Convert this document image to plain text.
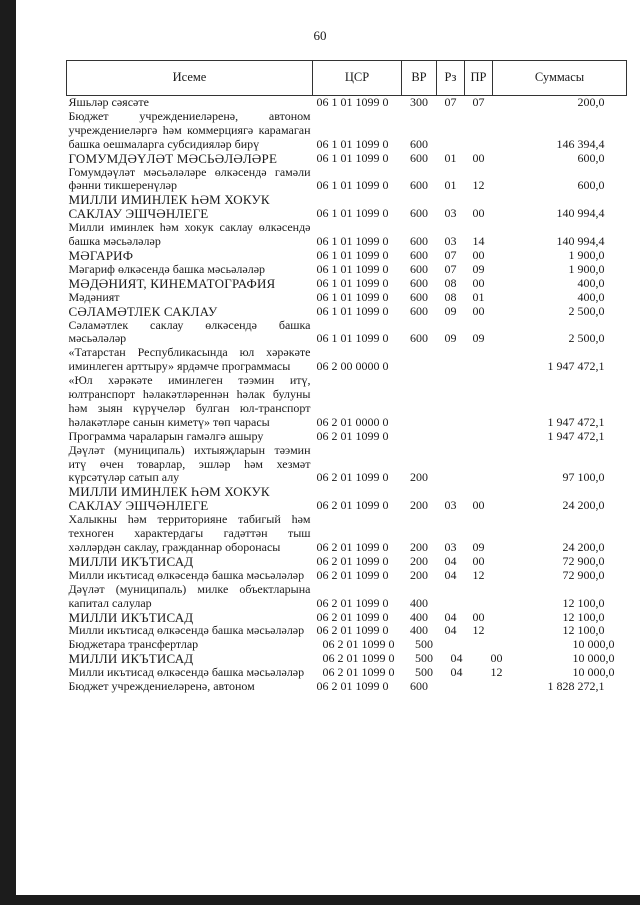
60
Исеме	ЦСР	ВР	Рз	ПР	Суммасы
Яшьләр сәясәте	06 1 01 1099 0	300	07	07	200,0
Бюджет учреждениеләренә, автоном учреждениеләргә һәм коммерциягә карамаган башка оешмаларга субсидияләр бирү	06 1 01 1099 0	600			146 394,4
ГОМУМДӘҮЛӘТ МӘСЬӘЛӘЛӘРЕ	06 1 01 1099 0	600	01	00	600,0
Гомумдәүләт мәсьәләләре өлкәсендә гамәли фәнни тикшеренүләр	06 1 01 1099 0	600	01	12	600,0
МИЛЛИ ИМИНЛЕК ҺӘМ ХОКУК САКЛАУ ЭШЧӘНЛЕГЕ	06 1 01 1099 0	600	03	00	140 994,4
Милли иминлек һәм хокук саклау өлкәсендә башка мәсьәләләр	06 1 01 1099 0	600	03	14	140 994,4
МӘГАРИФ	06 1 01 1099 0	600	07	00	1 900,0
Мәгариф өлкәсендә башка мәсьәләләр	06 1 01 1099 0	600	07	09	1 900,0
МӘДӘНИЯТ, КИНЕМАТОГРАФИЯ	06 1 01 1099 0	600	08	00	400,0
Мәдәният	06 1 01 1099 0	600	08	01	400,0
СӘЛАМӘТЛЕК САКЛАУ	06 1 01 1099 0	600	09	00	2 500,0
Сәламәтлек саклау өлкәсендә башка мәсьәләләр	06 1 01 1099 0	600	09	09	2 500,0
«Татарстан Республикасында юл хәрәкәте иминлеген арттыру» ярдәмче программасы	06 2 00 0000 0				1 947 472,1
«Юл хәрәкәте иминлеген тәэмин итү, юлтранспорт һәлакәтләреннән һәлак булуны һәм зыян күрүчеләр булган юл-транспорт һәлакәтләре санын киметү» төп чарасы	06 2 01 0000 0				1 947 472,1
Программа чараларын гамәлгә ашыру	06 2 01 1099 0				1 947 472,1
Дәүләт (муниципаль) ихтыяҗларын тәэмин итү өчен товарлар, эшләр һәм хезмәт күрсәтүләр сатып алу	06 2 01 1099 0	200			97 100,0
МИЛЛИ ИМИНЛЕК ҺӘМ ХОКУК САКЛАУ ЭШЧӘНЛЕГЕ	06 2 01 1099 0	200	03	00	24 200,0
Халыкны һәм территорияне табигый һәм техноген характердагы гадәттән тыш хәлләрдән саклау, гражданнар оборонасы	06 2 01 1099 0	200	03	09	24 200,0
МИЛЛИ ИКЪТИСАД	06 2 01 1099 0	200	04	00	72 900,0
Милли икътисад өлкәсендә башка мәсьәләләр	06 2 01 1099 0	200	04	12	72 900,0
Дәүләт (муниципаль) милке объектларына капитал салулар	06 2 01 1099 0	400			12 100,0
МИЛЛИ ИКЪТИСАД	06 2 01 1099 0	400	04	00	12 100,0
Милли икътисад өлкәсендә башка мәсьәләләр	06 2 01 1099 0	400	04	12	12 100,0
Бюджетара трансфертлар	06 2 01 1099 0	500			10 000,0
МИЛЛИ ИКЪТИСАД	06 2 01 1099 0	500	04	00	10 000,0
Милли икътисад өлкәсендә башка мәсьәләләр	06 2 01 1099 0	500	04	12	10 000,0
Бюджет учреждениеләренә, автоном	06 2 01 1099 0	600			1 828 272,1
